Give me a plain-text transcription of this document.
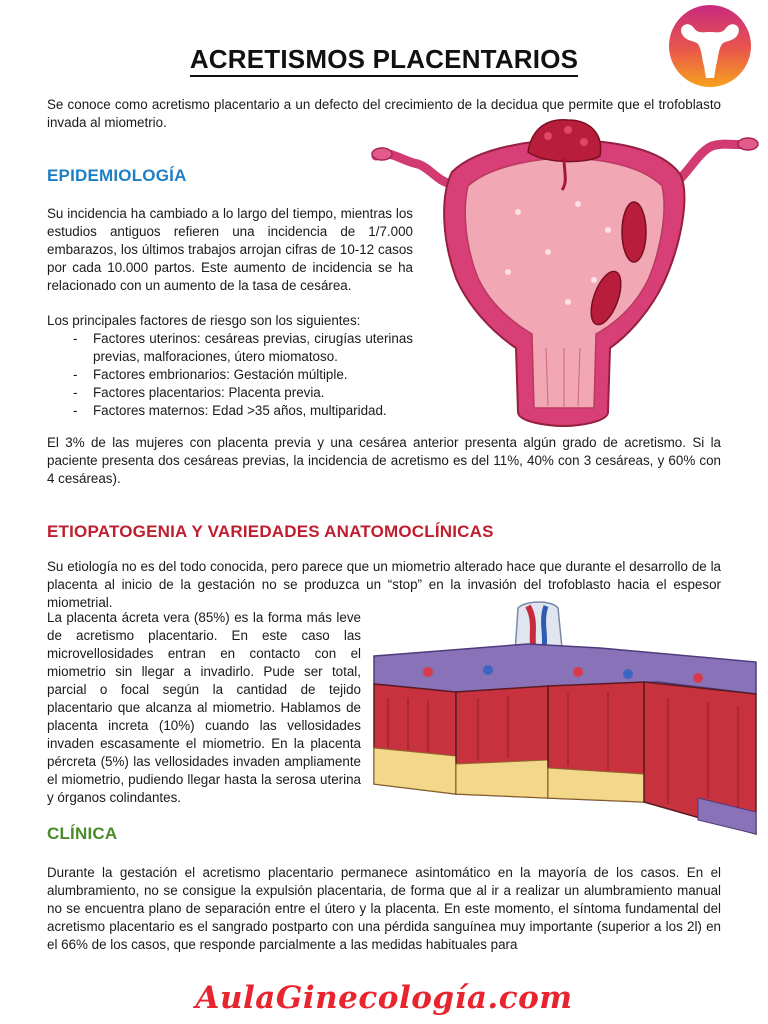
ACRETISMOS PLACENTARIOS

Se conoce como acretismo placentario a un defecto del crecimiento de la decidua que permite que el trofoblasto invada al miometrio.

EPIDEMIOLOGÍA

Su incidencia ha cambiado a lo largo del tiempo, mientras los estudios antiguos refieren una incidencia de 1/7.000 embarazos, los últimos trabajos arrojan cifras de 10-12 casos por cada 10.000 partos. Este aumento de incidencia se ha relacionado con un aumento de la tasa de cesárea.

Los principales factores de riesgo son los siguientes:

- Factores uterinos: cesáreas previas, cirugías uterinas previas, malforaciones, útero miomatoso.
- Factores embrionarios: Gestación múltiple.
- Factores placentarios: Placenta previa.
- Factores maternos: Edad >35 años, multiparidad.

El 3% de las mujeres con placenta previa y una cesárea anterior presenta algún grado de acretismo. Si la paciente presenta dos cesáreas previas, la incidencia de acretismo es del 11%, 40% con 3 cesáreas, y 60% con 4 cesáreas).

ETIOPATOGENIA Y VARIEDADES ANATOMOCLÍNICAS

Su etiología no es del todo conocida, pero parece que un miometrio alterado hace que durante el desarrollo de la placenta al inicio de la gestación no se produzca un “stop” en la invasión del trofoblasto hacia el espesor miometrial.

La placenta ácreta vera (85%) es la forma más leve de acretismo placentario. En este caso las microvellosidades entran en contacto con el miometrio sin llegar a invadirlo. Pude ser total, parcial o focal según la cantidad de tejido placentario que alcanza al miometrio. Hablamos de placenta increta (10%) cuando las vellosidades invaden escasamente el miometrio. En la placenta pércreta (5%) las vellosidades invaden ampliamente el miometrio, pudiendo llegar hasta la serosa uterina y órganos colindantes.

CLÍNICA

Durante la gestación el acretismo placentario permanece asintomático en la mayoría de los casos. En el alumbramiento, no se consigue la expulsión placentaria, de forma que al ir a realizar un alumbramiento manual no se encuentra plano de separación entre el útero y la placenta. En este momento, el síntoma fundamental del acretismo placentario es el sangrado postparto con una pérdida sanguínea muy importante (superior a los 2l) en el 66% de los casos, que responde parcialmente a las medidas habituales para

AulaGinecología.com
